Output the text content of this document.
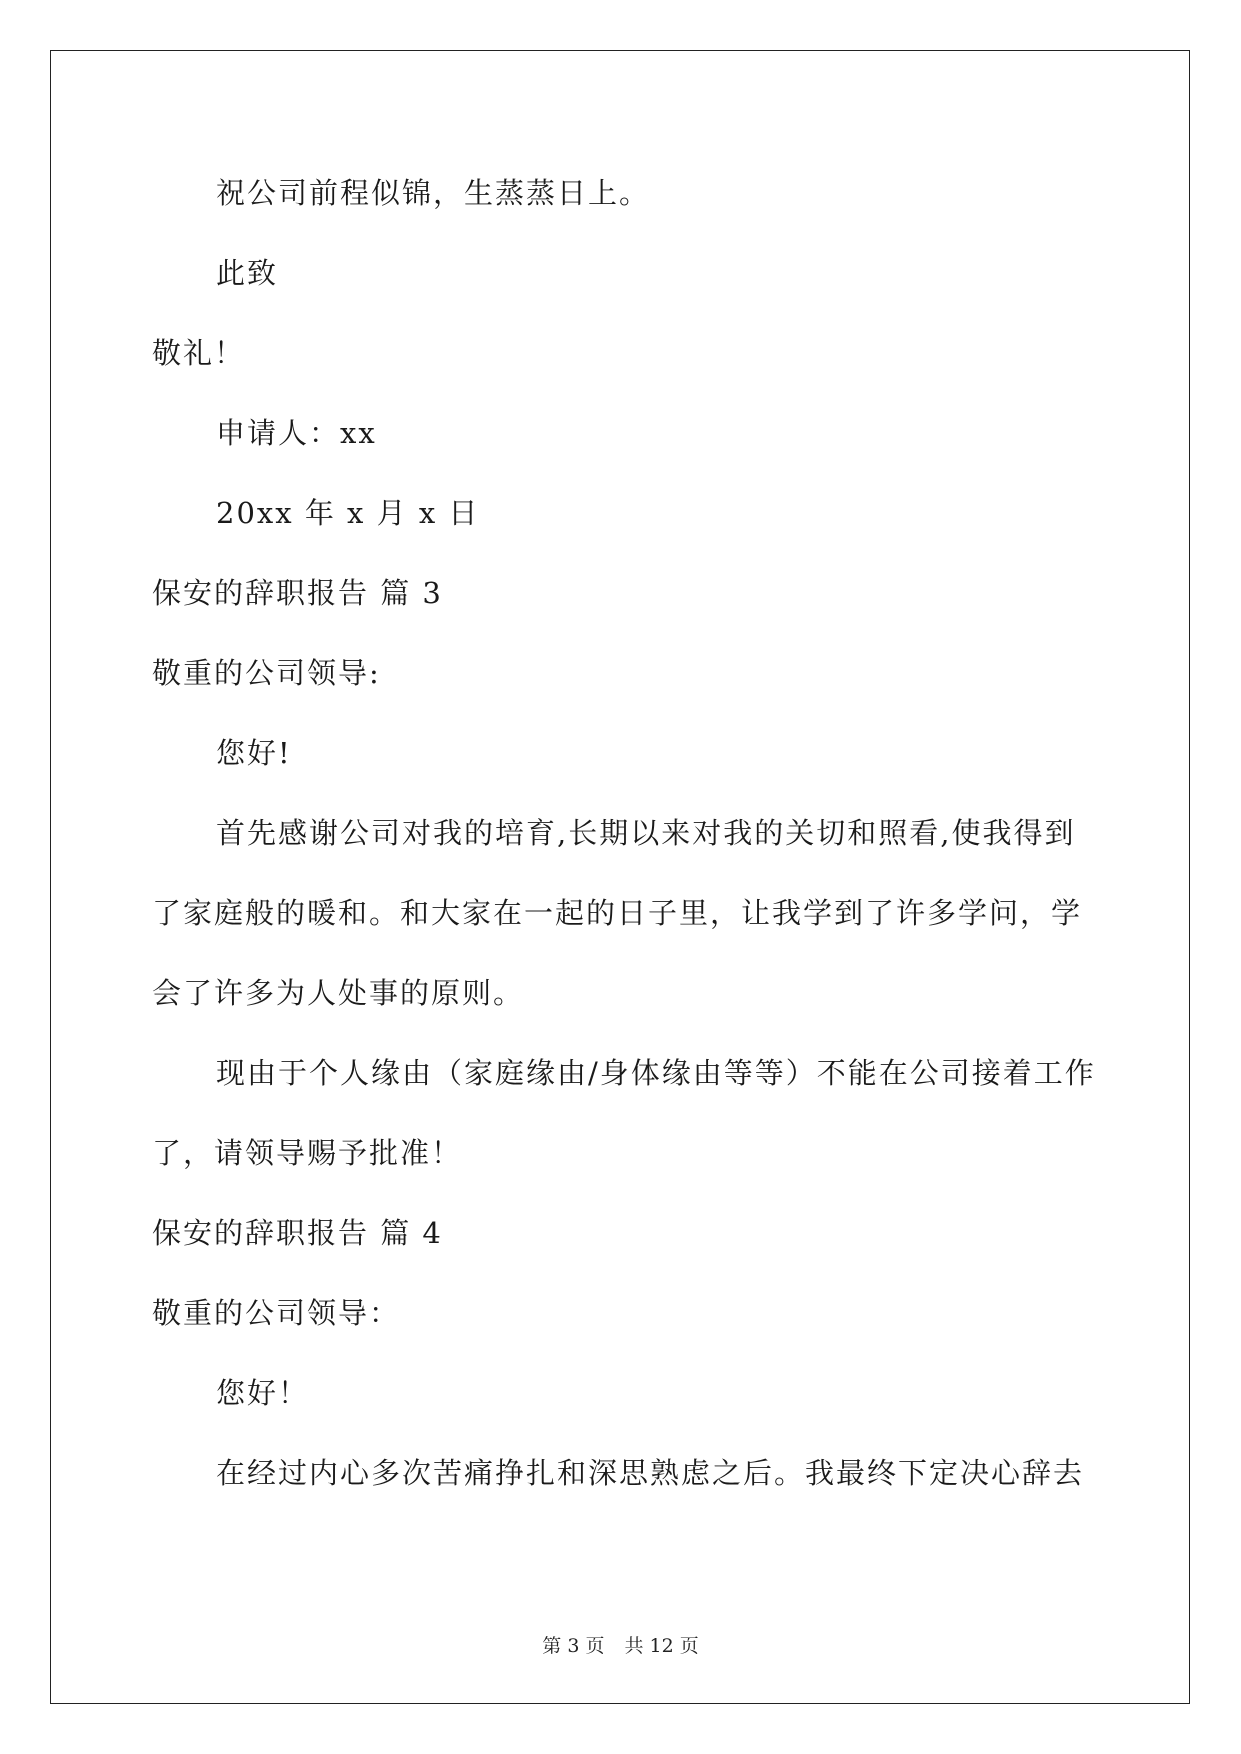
祝公司前程似锦，生蒸蒸日上。
此致
敬礼！
申请人：xx
20xx 年 x 月 x 日
保安的辞职报告 篇 3
敬重的公司领导:
您好!
首先感谢公司对我的培育,长期以来对我的关切和照看,使我得到
了家庭般的暖和。和大家在一起的日子里，让我学到了许多学问，学
会了许多为人处事的原则。
现由于个人缘由（家庭缘由/身体缘由等等）不能在公司接着工作
了，请领导赐予批准！
保安的辞职报告 篇 4
敬重的公司领导：
您好！
在经过内心多次苦痛挣扎和深思熟虑之后。我最终下定决心辞去
第 3 页 共 12 页
